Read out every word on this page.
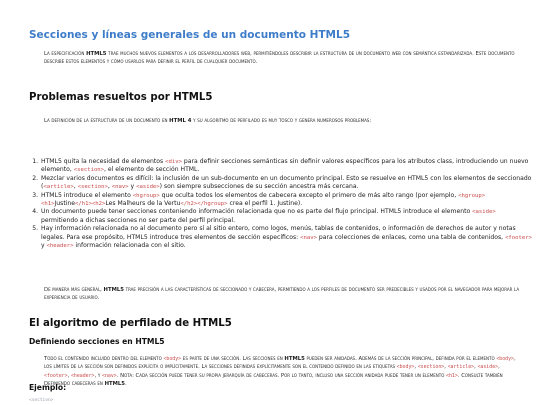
Secciones y líneas generales de un documento HTML5

La especificación HTML5 trae muchos nuevos elementos a los desarrolladores web, permitiéndoles describir la estructura de un documento web con semántica estandarizada. Este documento describe estos elementos y cómo usarlos para definir el perfil de cualquier documento.

Problemas resueltos por HTML5

La definición de la estructura de un documento en HTML 4 y su algoritmo de perfilado es muy tosco y genera numerosos problemas:

1. HTML5 quita la necesidad de elementos <div> para definir secciones semánticas sin definir valores específicos para los atributos class, introduciendo un nuevo elemento, <section>, el elemento de sección HTML.
2. Mezclar varios documentos es difícil: la inclusión de un sub-documento en un documento principal. Esto se resuelve en HTML5 con los elementos de seccionado (<article>, <section>, <nav> y <aside>) son siempre subsecciones de su sección ancestra más cercana.
3. HTML5 introduce el elemento <hgroup> que oculta todos los elementos de cabecera excepto el primero de más alto rango (por ejemplo, <hgroup><h1>Justine</h1><h2>Les Malheurs de la Vertu</h2></hgroup> crea el perfil 1. Justine).
4. Un documento puede tener secciones conteniendo información relacionada que no es parte del flujo principal. HTML5 introduce el elemento <aside> permitiendo a dichas secciones no ser parte del perfil principal.
5. Hay información relacionada no al documento pero sí al sitio entero, como logos, menús, tablas de contenidos, o información de derechos de autor y notas legales. Para ese propósito, HTML5 introduce tres elementos de sección específicos: <nav> para colecciones de enlaces, como una tabla de contenidos, <footer> y <header> información relacionada con el sitio.

De manera más general, HTML5 trae precisión a las características de seccionado y cabecera, permitiendo a los perfiles de documento ser predecibles y usados por el navegador para mejorar la experiencia de usuario.

El algoritmo de perfilado de HTML5
Definiendo secciones en HTML5

Todo el contenido incluido dentro del elemento <body> es parte de una sección. Las secciones en HTML5 pueden ser anidadas. Además de la sección principal, definida por el elemento <body>, los límites de la sección son definidos explícita o implícitamente. La secciones definidas explícitamente son el contenido definido en las etiquetas <body>, <section>, <article>, <aside>, <footer>, <header>, y <nav>. Nota: Cada sección puede tener su propia jerarquía de cabeceras. Por lo tanto, incluso una sección anidada puede tener un elemento <h1>. Consulte también Definiendo cabeceras en HTML5.

Ejemplo:
<section>
